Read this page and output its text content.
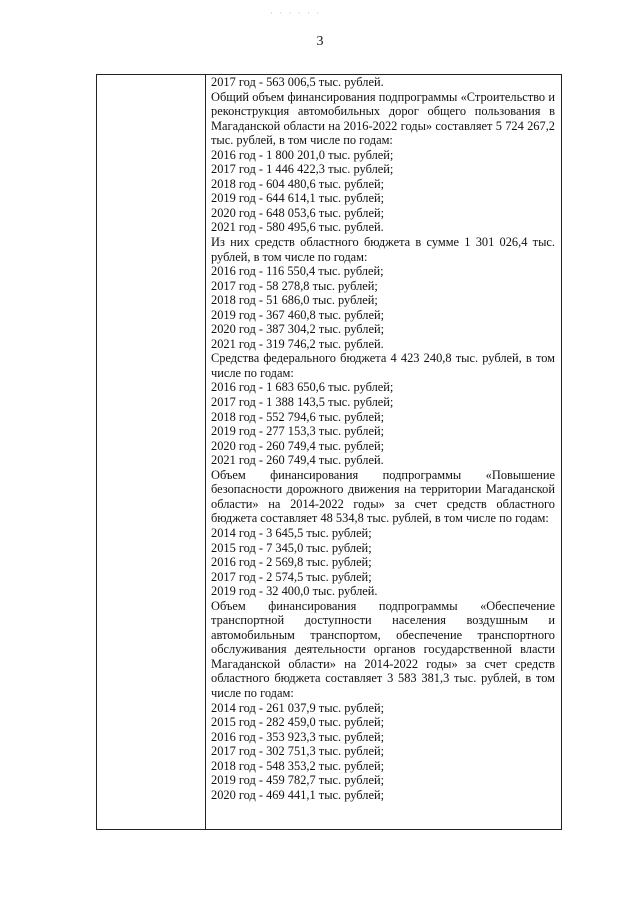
· · · · · ·
3

2017 год - 563 006,5 тыс. рублей.

Общий объем финансирования подпрограммы «Строительство и реконструкция автомобильных дорог общего пользования в Магаданской области на 2016-2022 годы» составляет 5 724 267,2 тыс. рублей, в том числе по годам:

2016 год - 1 800 201,0 тыс. рублей;

2017 год - 1 446 422,3 тыс. рублей;

2018 год - 604 480,6 тыс. рублей;

2019 год - 644 614,1 тыс. рублей;

2020 год - 648 053,6 тыс. рублей;

2021 год - 580 495,6 тыс. рублей.

Из них средств областного бюджета в сумме 1 301 026,4 тыс. рублей, в том числе по годам:

2016 год - 116 550,4 тыс. рублей;

2017 год - 58 278,8 тыс. рублей;

2018 год - 51 686,0 тыс. рублей;

2019 год - 367 460,8 тыс. рублей;

2020 год - 387 304,2 тыс. рублей;

2021 год - 319 746,2 тыс. рублей.

Средства федерального бюджета 4 423 240,8 тыс. рублей, в том числе по годам:

2016 год - 1 683 650,6 тыс. рублей;

2017 год - 1 388 143,5 тыс. рублей;

2018 год - 552 794,6 тыс. рублей;

2019 год - 277 153,3 тыс. рублей;

2020 год - 260 749,4 тыс. рублей;

2021 год - 260 749,4 тыс. рублей.

Объем финансирования подпрограммы «Повышение безопасности дорожного движения на территории Магаданской области» на 2014-2022 годы» за счет средств областного бюджета составляет 48 534,8 тыс. рублей, в том числе по годам:

2014 год - 3 645,5 тыс. рублей;

2015 год - 7 345,0 тыс. рублей;

2016 год - 2 569,8 тыс. рублей;

2017 год - 2 574,5 тыс. рублей;

2019 год - 32 400,0 тыс. рублей.

Объем финансирования подпрограммы «Обеспечение транспортной доступности населения воздушным и автомобильным транспортом, обеспечение транспортного обслуживания деятельности органов государственной власти Магаданской области» на 2014-2022 годы» за счет средств областного бюджета составляет 3 583 381,3 тыс. рублей, в том числе по годам:

2014 год - 261 037,9 тыс. рублей;

2015 год - 282 459,0 тыс. рублей;

2016 год - 353 923,3 тыс. рублей;

2017 год - 302 751,3 тыс. рублей;

2018 год - 548 353,2 тыс. рублей;

2019 год - 459 782,7 тыс. рублей;

2020 год - 469 441,1 тыс. рублей;
